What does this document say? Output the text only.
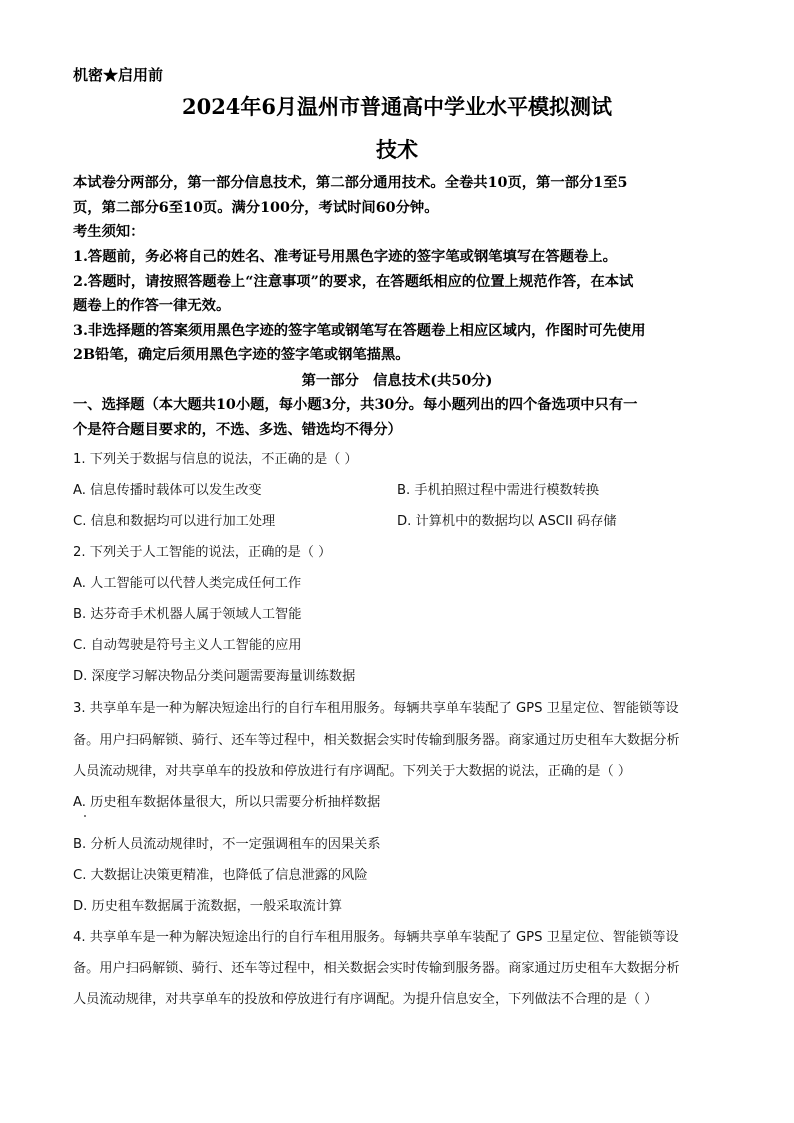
机密★启用前
2024年6月温州市普通高中学业水平模拟测试
技术
本试卷分两部分，第一部分信息技术，第二部分通用技术。全卷共10页，第一部分1至5
页，第二部分6至10页。满分100分，考试时间60分钟。
考生须知：
1.答题前，务必将自己的姓名、准考证号用黑色字迹的签字笔或钢笔填写在答题卷上。
2.答题时，请按照答题卷上“注意事项”的要求，在答题纸相应的位置上规范作答，在本试
题卷上的作答一律无效。
3.非选择题的答案须用黑色字迹的签字笔或钢笔写在答题卷上相应区域内，作图时可先使用
2B铅笔，确定后须用黑色字迹的签字笔或钢笔描黑。
第一部分　信息技术(共50分)
一、选择题（本大题共10小题，每小题3分，共30分。每小题列出的四个备选项中只有一
个是符合题目要求的，不选、多选、错选均不得分）
1. 下列关于数据与信息的说法，不正确的是（ ）
A. 信息传播时载体可以发生改变	B. 手机拍照过程中需进行模数转换
C. 信息和数据均可以进行加工处理	D. 计算机中的数据均以 ASCII 码存储
2. 下列关于人工智能的说法，正确的是（ ）
A. 人工智能可以代替人类完成任何工作
B. 达芬奇手术机器人属于领域人工智能
C. 自动驾驶是符号主义人工智能的应用
D. 深度学习解决物品分类问题需要海量训练数据
3. 共享单车是一种为解决短途出行的自行车租用服务。每辆共享单车装配了 GPS 卫星定位、智能锁等设
备。用户扫码解锁、骑行、还车等过程中，相关数据会实时传输到服务器。商家通过历史租车大数据分析
人员流动规律，对共享单车的投放和停放进行有序调配。下列关于大数据的说法，正确的是（ ）
A. 历史租车数据体量很大，所以只需要分析抽样数据
B. 分析人员流动规律时，不一定强调租车的因果关系
C. 大数据让决策更精准，也降低了信息泄露的风险
D. 历史租车数据属于流数据，一般采取流计算
4. 共享单车是一种为解决短途出行的自行车租用服务。每辆共享单车装配了 GPS 卫星定位、智能锁等设
备。用户扫码解锁、骑行、还车等过程中，相关数据会实时传输到服务器。商家通过历史租车大数据分析
人员流动规律，对共享单车的投放和停放进行有序调配。为提升信息安全，下列做法不合理的是（ ）
